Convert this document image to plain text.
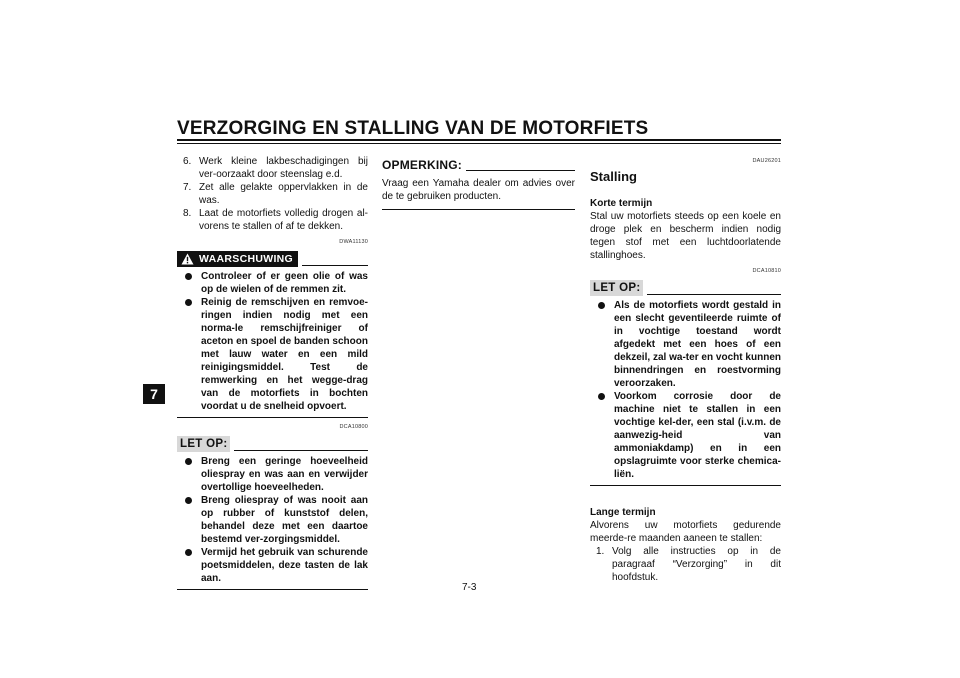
VERZORGING EN STALLING VAN DE MOTORFIETS
7
6. Werk kleine lakbeschadigingen bij ver-oorzaakt door steenslag e.d.
7. Zet alle gelakte oppervlakken in de was.
8. Laat de motorfiets volledig drogen al-vorens te stallen of af te dekken.
DWA11130
WAARSCHUWING
Controleer of er geen olie of was op de wielen of de remmen zit.
Reinig de remschijven en remvoe-ringen indien nodig met een norma-le remschijfreiniger of aceton en spoel de banden schoon met lauw water en een mild reinigingsmiddel. Test de remwerking en het wegge-drag van de motorfiets in bochten voordat u de snelheid opvoert.
DCA10800
LET OP:
Breng een geringe hoeveelheid oliespray en was aan en verwijder overtollige hoeveelheden.
Breng oliespray of was nooit aan op rubber of kunststof delen, behandel deze met een daartoe bestemd ver-zorgingsmiddel.
Vermijd het gebruik van schurende poetsmiddelen, deze tasten de lak aan.
OPMERKING:
Vraag een Yamaha dealer om advies over de te gebruiken producten.
DAU26201
Stalling
Korte termijn
Stal uw motorfiets steeds op een koele en droge plek en bescherm indien nodig tegen stof met een luchtdoorlatende stallinghoes.
DCA10810
LET OP:
Als de motorfiets wordt gestald in een slecht geventileerde ruimte of in vochtige toestand wordt afgedekt met een hoes of een dekzeil, zal wa-ter en vocht kunnen binnendringen en roestvorming veroorzaken.
Voorkom corrosie door de machine niet te stallen in een vochtige kel-der, een stal (i.v.m. de aanwezig-heid van ammoniakdamp) en in een opslagruimte voor sterke chemica-liën.
Lange termijn
Alvorens uw motorfiets gedurende meerde-re maanden aaneen te stallen:
1. Volg alle instructies op in de paragraaf “Verzorging” in dit hoofdstuk.
7-3
